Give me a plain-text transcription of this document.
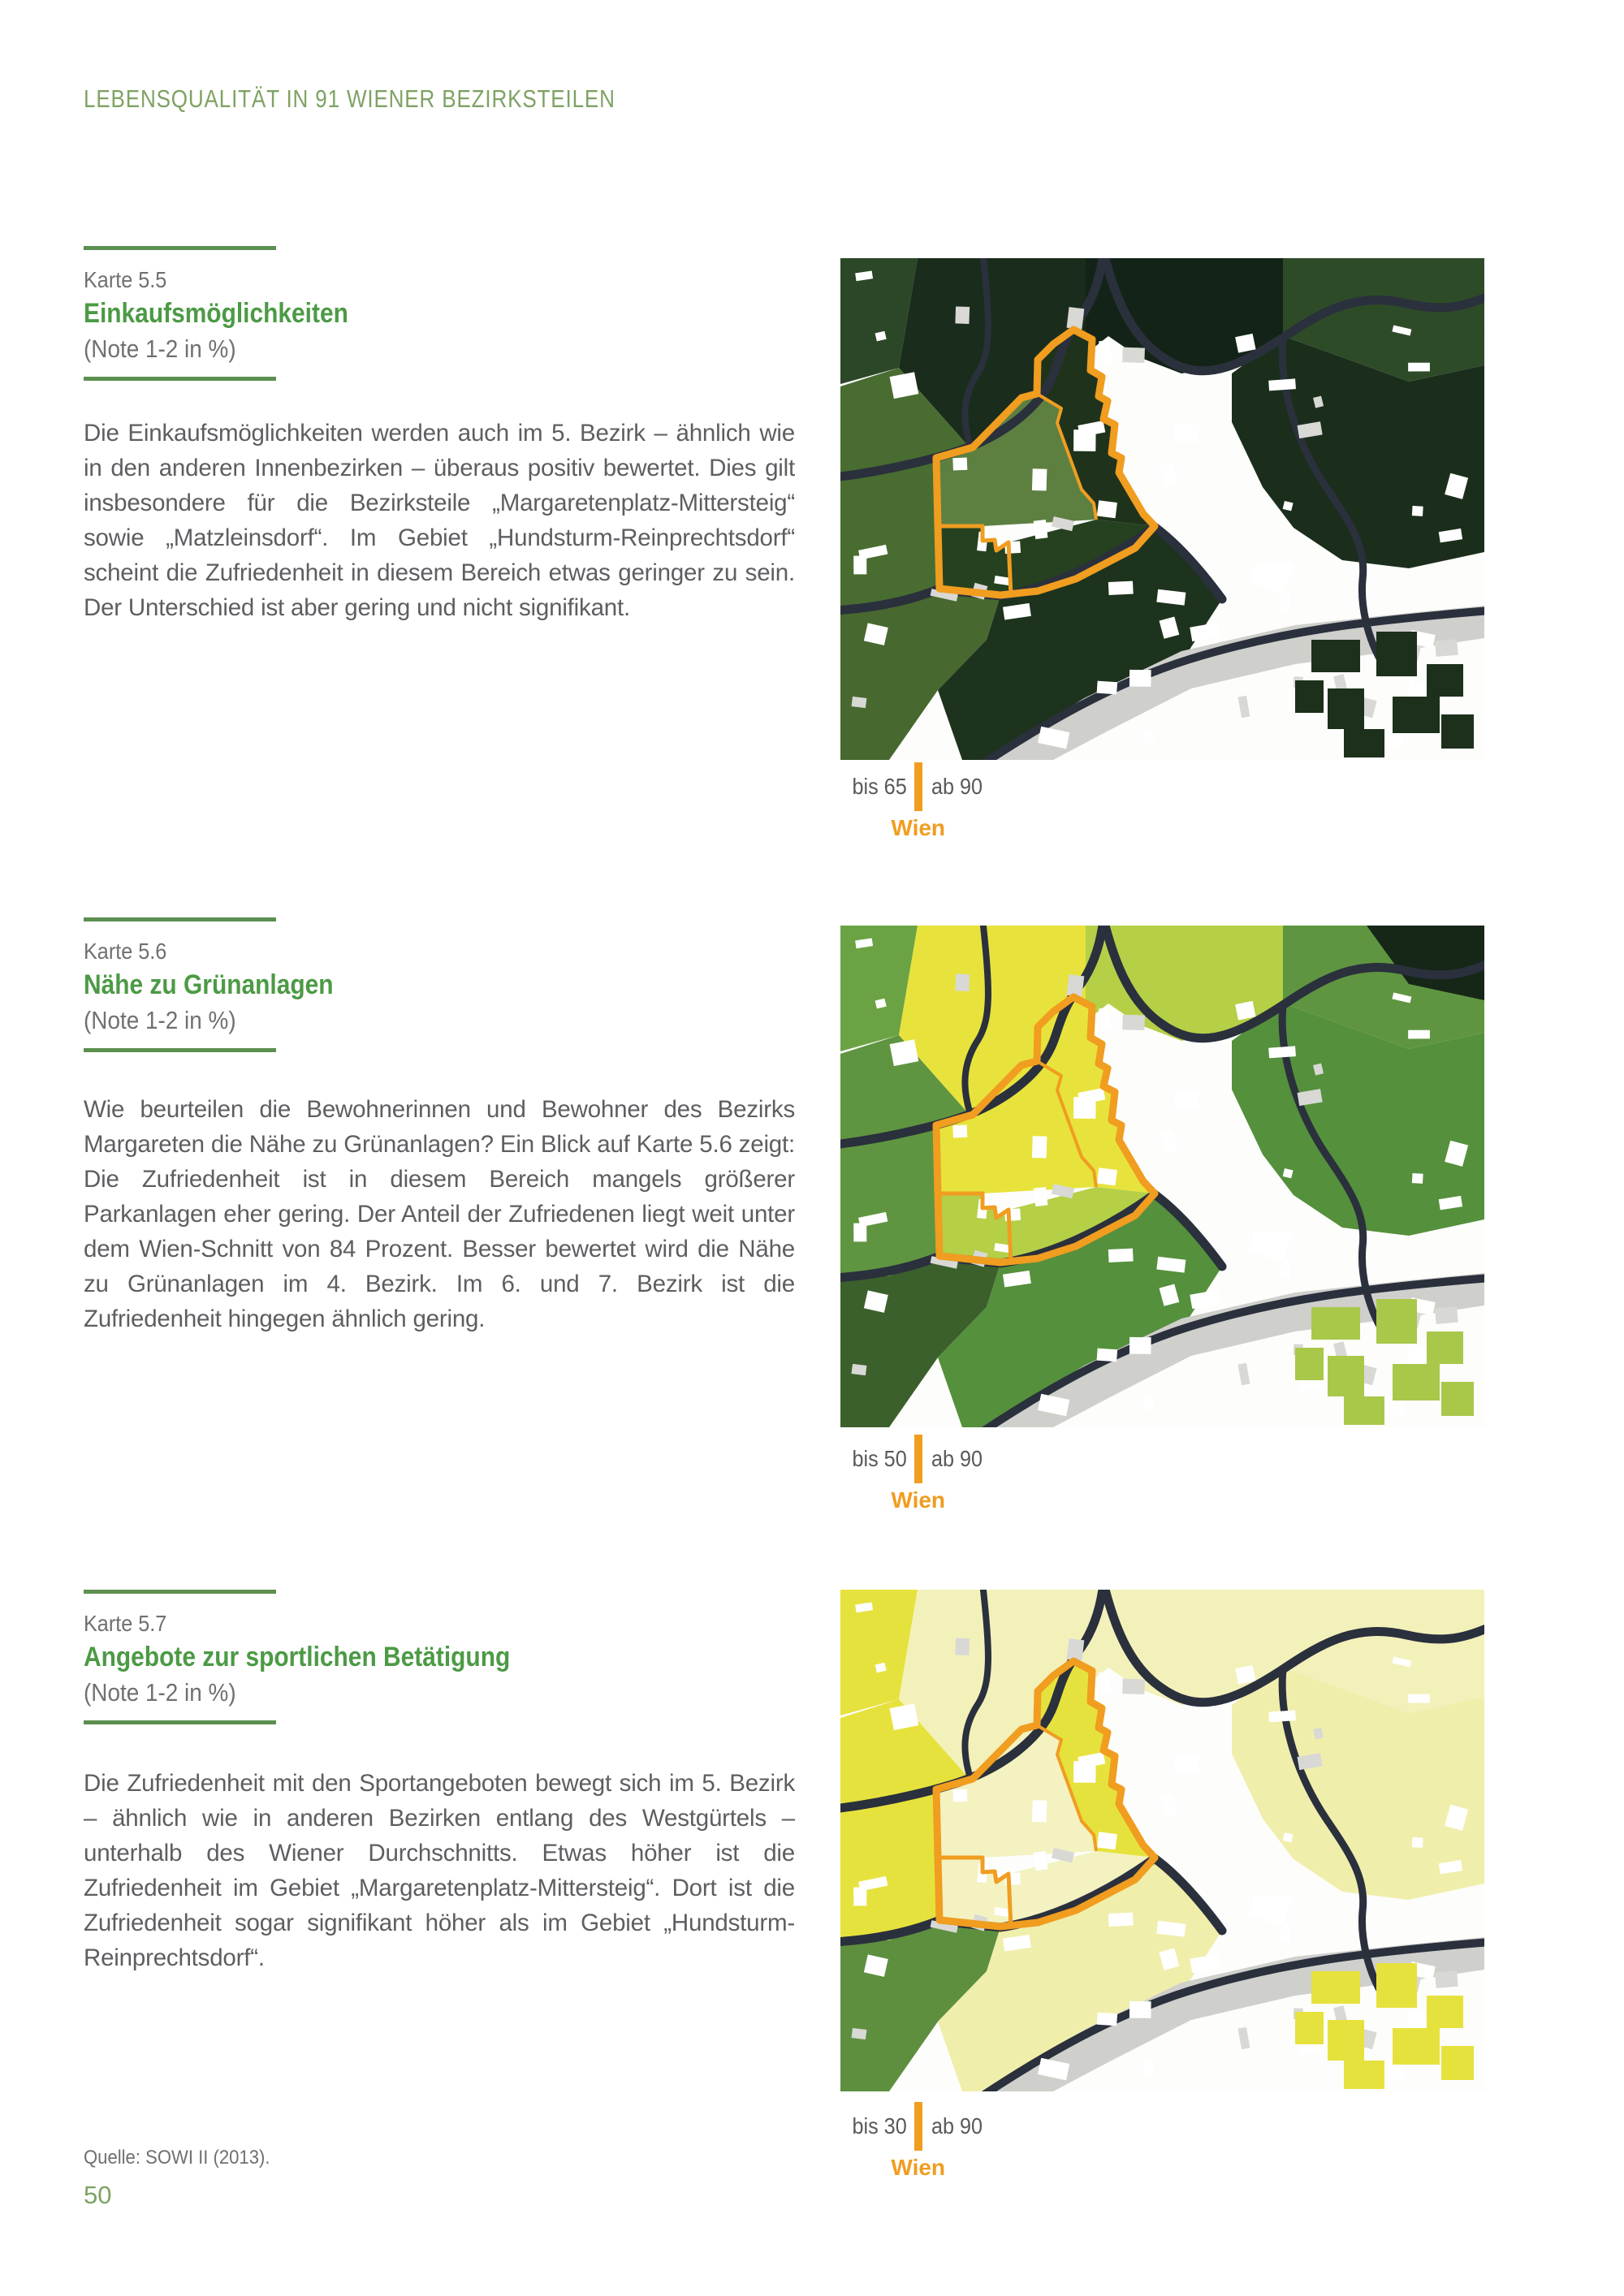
LEBENSQUALITÄT IN 91 WIENER BEZIRKSTEILEN
Karte 5.5
Einkaufsmöglichkeiten
(Note 1-2 in %)

Die Einkaufsmöglichkeiten werden auch im 5. Bezirk – ähnlich wie in den anderen Innenbezirken – überaus positiv bewertet. Dies gilt insbesondere für die Bezirksteile „Margaretenplatz-Mittersteig“ sowie „Matzleinsdorf“. Im Gebiet „Hundsturm-Reinprechtsdorf“ scheint die Zufriedenheit in diesem Bereich etwas geringer zu sein. Der Unterschied ist aber gering und nicht signifikant.

bis 65
Wien
ab 90
Karte 5.6
Nähe zu Grünanlagen
(Note 1-2 in %)

Wie beurteilen die Bewohnerinnen und Bewohner des Bezirks Margareten die Nähe zu Grünanlagen? Ein Blick auf Karte 5.6 zeigt: Die Zufriedenheit ist in diesem Bereich mangels größerer Parkanlagen eher gering. Der Anteil der Zufriedenen liegt weit unter dem Wien-Schnitt von 84 Prozent. Besser bewertet wird die Nähe zu Grünanlagen im 4. Bezirk. Im 6. und 7. Bezirk ist die Zufriedenheit hingegen ähnlich gering.

bis 50
Wien
ab 90
Karte 5.7
Angebote zur sportlichen Betätigung
(Note 1-2 in %)

Die Zufriedenheit mit den Sportangeboten bewegt sich im 5. Bezirk – ähnlich wie in anderen Bezirken entlang des Westgürtels – unterhalb des Wiener Durchschnitts. Etwas höher ist die Zufriedenheit im Gebiet „Margaretenplatz-Mittersteig“. Dort ist die Zufriedenheit sogar signifikant höher als im Gebiet „Hundsturm-Reinprechtsdorf“.

bis 30
Wien
ab 90
Quelle: SOWI II (2013).
50
